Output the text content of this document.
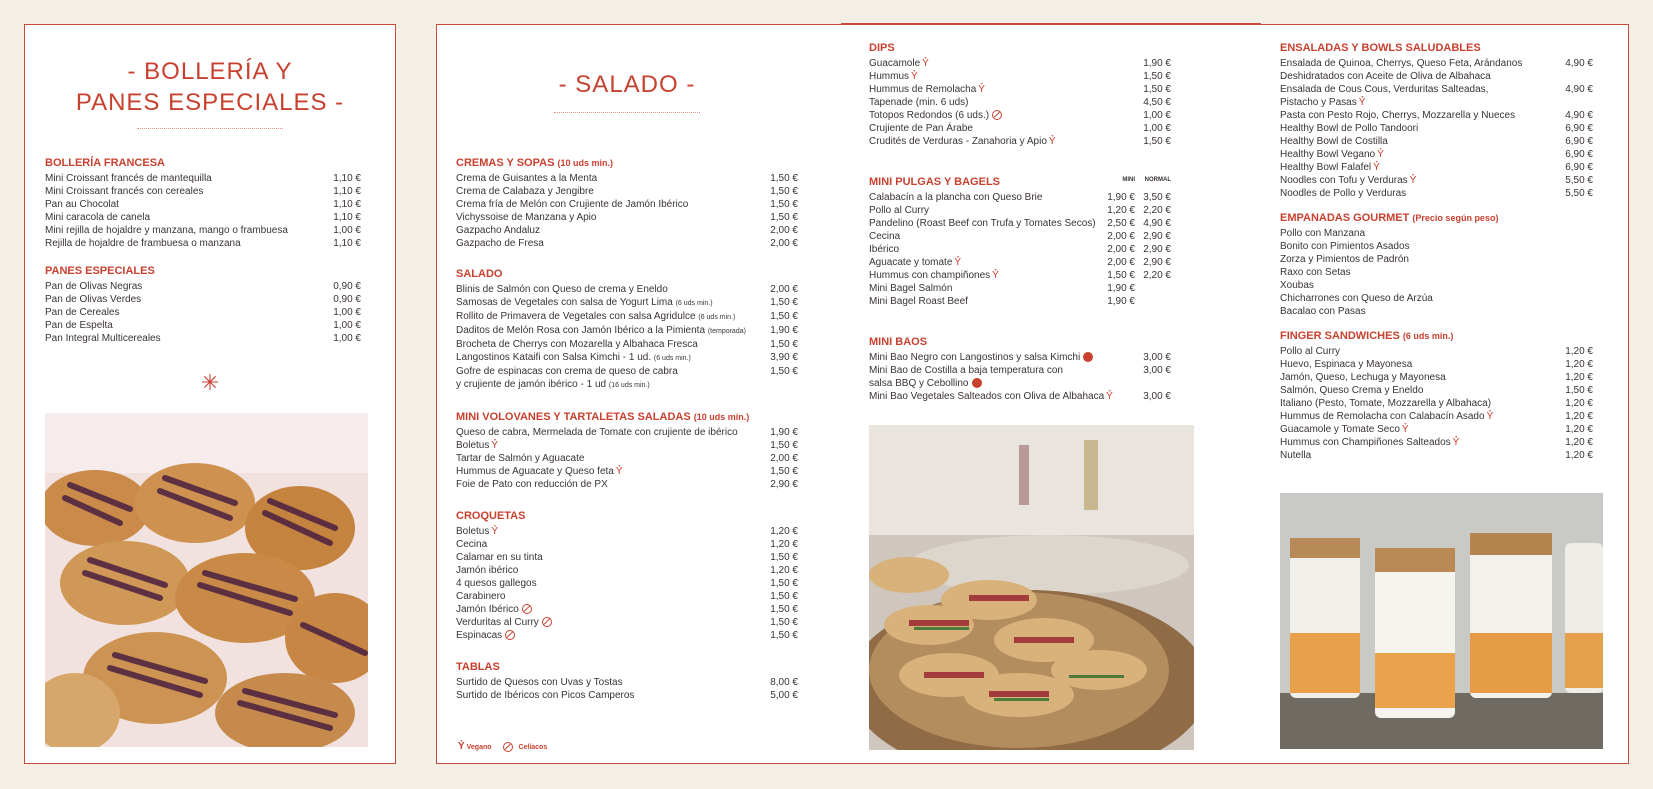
- BOLLERÍA Y
PANES ESPECIALES -
BOLLERÍA FRANCESA
Mini Croissant francés de mantequilla	1,10 €
Mini Croissant francés con cereales	1,10 €
Pan au Chocolat	1,10 €
Mini caracola de canela	1,10 €
Mini rejilla de hojaldre y manzana, mango o frambuesa	1,00 €
Rejilla de hojaldre de frambuesa o manzana	1,10 €
PANES ESPECIALES
Pan de Olivas Negras	0,90 €
Pan de Olivas Verdes	0,90 €
Pan de Cereales	1,00 €
Pan de Espelta	1,00 €
Pan Integral Multicereales	1,00 €
✳
- SALADO -
CREMAS Y SOPAS (10 uds min.)
Crema de Guisantes a la Menta	1,50 €
Crema de Calabaza y Jengibre	1,50 €
Crema fría de Melón con Crujiente de Jamón Ibérico	1,50 €
Vichyssoise de Manzana y Apio	1,50 €
Gazpacho Andaluz	2,00 €
Gazpacho de Fresa	2,00 €
SALADO
Blinis de Salmón con Queso de crema y Eneldo	2,00 €
Samosas de Vegetales con salsa de Yogurt Lima (6 uds min.)	1,50 €
Rollito de Primavera de Vegetales con salsa Agridulce (6 uds min.)	1,50 €
Daditos de Melón Rosa con Jamón Ibérico a la Pimienta (temporada)	1,90 €
Brocheta de Cherrys con Mozarella y Albahaca Fresca	1,50 €
Langostinos Kataifi con Salsa Kimchi - 1 ud. (6 uds min.)	3,90 €
Gofre de espinacas con crema de queso de cabra	1,50 €
y crujiente de jamón ibérico - 1 ud (16 uds min.)
MINI VOLOVANES Y TARTALETAS SALADAS (10 uds min.)
Queso de cabra, Mermelada de Tomate con crujiente de ibérico	1,90 €
Boletus Ỷ	1,50 €
Tartar de Salmón y Aguacate	2,00 €
Hummus de Aguacate y Queso feta Ỷ	1,50 €
Foie de Pato con reducción de PX	2,90 €
CROQUETAS
Boletus Ỷ	1,20 €
Cecina	1,20 €
Calamar en su tinta	1,50 €
Jamón ibérico	1,20 €
4 quesos gallegos	1,50 €
Carabinero	1,50 €
Jamón Ibérico	1,50 €
Verduritas al Curry	1,50 €
Espinacas	1,50 €
TABLAS
Surtido de Quesos con Uvas y Tostas	8,00 €
Surtido de Ibéricos con Picos Camperos	5,00 €
Ỷ Vegano	Celíacos
DIPS
Guacamole Ỷ	1,90 €
Hummus Ỷ	1,50 €
Hummus de Remolacha Ỷ	1,50 €
Tapenade (min. 6 uds)	4,50 €
Totopos Redondos (6 uds.)	1,00 €
Crujiente de Pan Árabe	1,00 €
Crudités de Verduras - Zanahoria y Apio Ỷ	1,50 €
MINI PULGAS Y BAGELS	MINI	NORMAL
Calabacín a la plancha con Queso Brie	1,90 € 3,50 €
Pollo al Curry	1,20 € 2,20 €
Pandelino (Roast Beef con Trufa y Tomates Secos)	2,50 € 4,90 €
Cecina	2,00 € 2,90 €
Ibérico	2,00 € 2,90 €
Aguacate y tomate Ỷ	2,00 € 2,90 €
Hummus con champiñones Ỷ	1,50 € 2,20 €
Mini Bagel Salmón	1,90 €
Mini Bagel Roast Beef	1,90 €
MINI BAOS
Mini Bao Negro con Langostinos y salsa Kimchi	3,00 €
Mini Bao de Costilla a baja temperatura con	3,00 €
salsa BBQ y Cebollino
Mini Bao Vegetales Salteados con Oliva de Albahaca Ỷ	3,00 €
ENSALADAS Y BOWLS SALUDABLES
Ensalada de Quinoa, Cherrys, Queso Feta, Arándanos	4,90 €
Deshidratados con Aceite de Oliva de Albahaca
Ensalada de Cous Cous, Verduritas Salteadas,	4,90 €
Pistacho y Pasas Ỷ
Pasta con Pesto Rojo, Cherrys, Mozzarella y Nueces	4,90 €
Healthy Bowl de Pollo Tandoori	6,90 €
Healthy Bowl de Costilla	6,90 €
Healthy Bowl Vegano Ỷ	6,90 €
Healthy Bowl Falafel Ỷ	6,90 €
Noodles con Tofu y Verduras Ỷ	5,50 €
Noodles de Pollo y Verduras	5,50 €
EMPANADAS GOURMET (Precio según peso)
Pollo con Manzana
Bonito con Pimientos Asados
Zorza y Pimientos de Padrón
Raxo con Setas
Xoubas
Chicharrones con Queso de Arzúa
Bacalao con Pasas
FINGER SANDWICHES (6 uds min.)
Pollo al Curry	1,20 €
Huevo, Espinaca y Mayonesa	1,20 €
Jamón, Queso, Lechuga y Mayonesa	1,20 €
Salmón, Queso Crema y Eneldo	1,50 €
Italiano (Pesto, Tomate, Mozzarella y Albahaca)	1,20 €
Hummus de Remolacha con Calabacín Asado Ỷ	1,20 €
Guacamole y Tomate Seco Ỷ	1,20 €
Hummus con Champiñones Salteados Ỷ	1,20 €
Nutella	1,20 €
